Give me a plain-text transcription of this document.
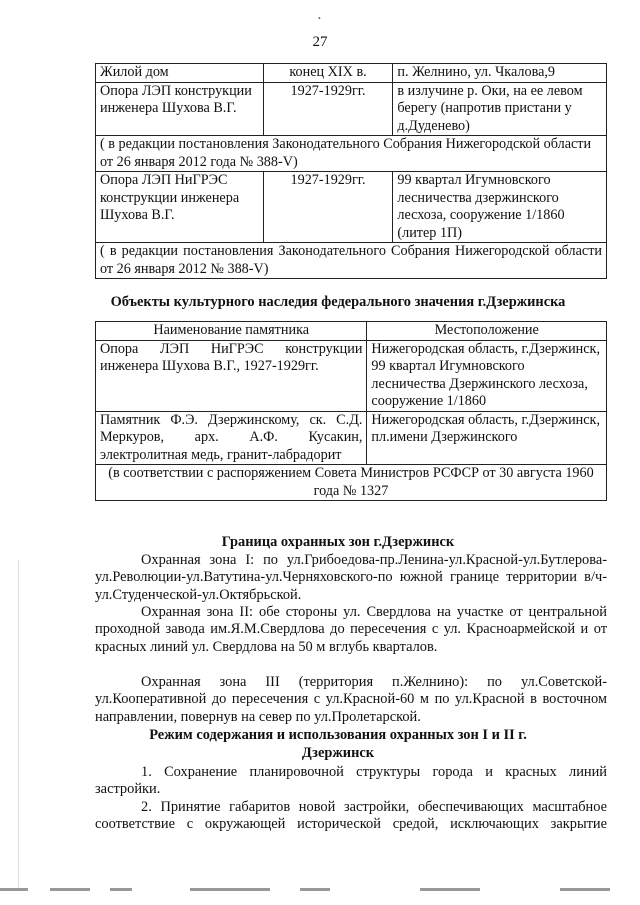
•
27
Жилой дом	конец XIX в.	п. Желнино, ул. Чкалова,9
Опора ЛЭП конструкции инженера Шухова В.Г.	1927-1929гг.	в излучине р. Оки, на ее левом берегу (напротив пристани у д.Дуденево)
( в редакции постановления Законодательного Собрания Нижегородской области от 26 января 2012 года № 388-V)		
Опора ЛЭП НиГРЭС конструкции инженера Шухова В.Г.	1927-1929гг.	99 квартал Игумновского лесничества дзержинского лесхоза, сооружение 1/1860 (литер 1П)
( в редакции постановления Законодательного Собрания Нижегородской области от 26 января 2012 № 388-V)		
Объекты культурного наследия федерального значения г.Дзержинска
Наименование памятника	Местоположение
Опора ЛЭП НиГРЭС конструкции инженера Шухова В.Г., 1927-1929гг.	Нижегородская область, г.Дзержинск, 99 квартал Игумновского лесничества Дзержинского лесхоза, сооружение 1/1860
Памятник Ф.Э. Дзержинскому, ск. С.Д. Меркуров, арх. А.Ф. Кусакин, электролитная медь, гранит-лабрадорит	Нижегородская область, г.Дзержинск, пл.имени Дзержинского
(в соответствии с распоряжением Совета Министров РСФСР от 30 августа 1960 года № 1327	
Граница охранных зон г.Дзержинск
Охранная зона I: по ул.Грибоедова-пр.Ленина-ул.Красной-ул.Бутлерова-ул.Революции-ул.Ватутина-ул.Черняховского-по южной границе территории в/ч-ул.Студенческой-ул.Октябрьской.
Охранная зона II: обе стороны ул. Свердлова на участке от центральной проходной завода им.Я.М.Свердлова до пересечения с ул. Красноармейской и от красных линий ул. Свердлова на 50 м вглубь кварталов.
Охранная зона III (территория п.Желнино): по ул.Советской-ул.Кооперативной до пересечения с ул.Красной-60 м по ул.Красной в восточном направлении, повернув на север по ул.Пролетарской.
Режим содержания и использования охранных зон I и II г.
Дзержинск
1. Сохранение планировочной структуры города и красных линий застройки.
2. Принятие габаритов новой застройки, обеспечивающих масштабное соответствие с окружающей исторической средой, исключающих закрытие
